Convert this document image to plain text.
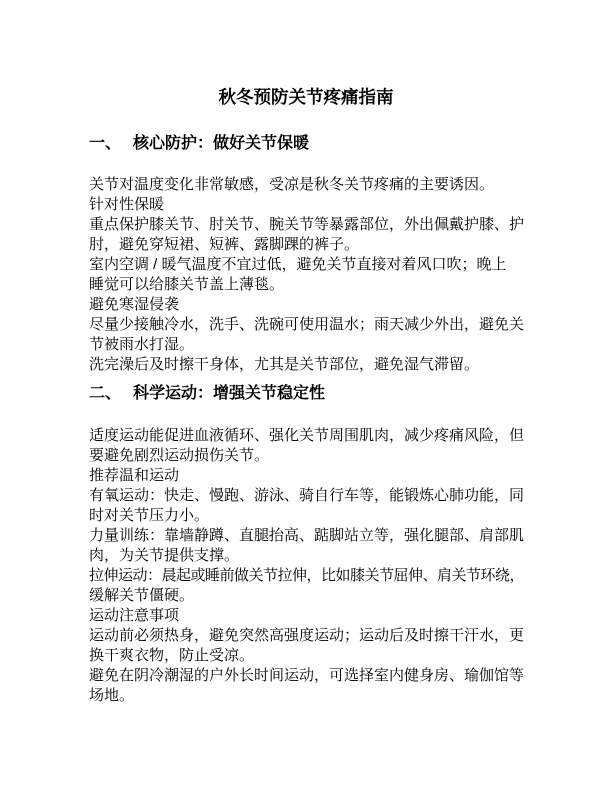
秋冬预防关节疼痛指南
一、 核心防护：做好关节保暖
关节对温度变化非常敏感，受凉是秋冬关节疼痛的主要诱因。
针对性保暖
重点保护膝关节、肘关节、腕关节等暴露部位，外出佩戴护膝、护
肘，避免穿短裙、短裤、露脚踝的裤子。
室内空调 / 暖气温度不宜过低，避免关节直接对着风口吹；晚上
睡觉可以给膝关节盖上薄毯。
避免寒湿侵袭
尽量少接触冷水，洗手、洗碗可使用温水；雨天减少外出，避免关
节被雨水打湿。
洗完澡后及时擦干身体，尤其是关节部位，避免湿气滞留。
二、 科学运动：增强关节稳定性
适度运动能促进血液循环、强化关节周围肌肉，减少疼痛风险，但
要避免剧烈运动损伤关节。
推荐温和运动
有氧运动：快走、慢跑、游泳、骑自行车等，能锻炼心肺功能，同
时对关节压力小。
力量训练：靠墙静蹲、直腿抬高、踮脚站立等，强化腿部、肩部肌
肉，为关节提供支撑。
拉伸运动：晨起或睡前做关节拉伸，比如膝关节屈伸、肩关节环绕，
缓解关节僵硬。
运动注意事项
运动前必须热身，避免突然高强度运动；运动后及时擦干汗水，更
换干爽衣物，防止受凉。
避免在阴冷潮湿的户外长时间运动，可选择室内健身房、瑜伽馆等
场地。
